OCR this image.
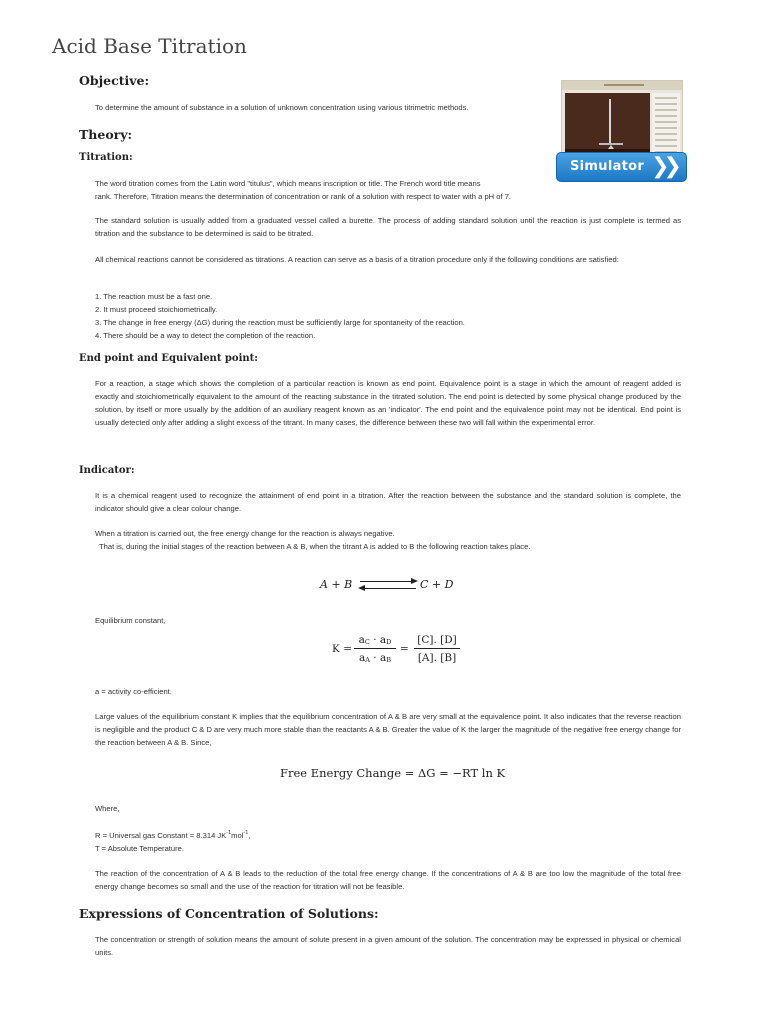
Acid Base Titration
Objective:

To determine the amount of substance in a solution of unknown concentration using various titrimetric methods.

Simulator ❯❯
Theory:
Titration:

The word titration comes from the Latin word "titulus", which means inscription or title. The French word title means

rank. Therefore, Titration means the determination of concentration or rank of a solution with respect to water with a pH of 7.

The standard solution is usually added from a graduated vessel called a burette. The process of adding standard solution until the reaction is just complete is termed as titration and the substance to be determined is said to be titrated.

All chemical reactions cannot be considered as titrations. A reaction can serve as a basis of a titration procedure only if the following conditions are satisfied:

1. The reaction must be a fast one.

2. It must proceed stoichiometrically.

3. The change in free energy (ΔG) during the reaction must be sufficiently large for spontaneity of the reaction.

4. There should be a way to detect the completion of the reaction.

End point and Equivalent point:

For a reaction, a stage which shows the completion of a particular reaction is known as end point. Equivalence point is a stage in which the amount of reagent added is exactly and stoichiometrically equivalent to the amount of the reacting substance in the titrated solution. The end point is detected by some physical change produced by the solution, by itself or more usually by the addition of an auxiliary reagent known as an 'indicator'. The end point and the equivalence point may not be identical. End point is usually detected only after adding a slight excess of the titrant. In many cases, the difference between these two will fall within the experimental error.

Indicator:

It is a chemical reagent used to recognize the attainment of end point in a titration. After the reaction between the substance and the standard solution is complete, the indicator should give a clear colour change.

When a titration is carried out, the free energy change for the reaction is always negative.

That is, during the initial stages of the reaction between A & B, when the titrant A is added to B the following reaction takes place.

A + B	C + D

Equilibrium constant,

K =
$a_C \cdot a_D$
$a_A \cdot a_B$
=
[C]. [D]
[A]. [B]

a = activity co-efficient.

Large values of the equilibrium constant K implies that the equilibrium concentration of A & B are very small at the equivalence point. It also indicates that the reverse reaction is negligible and the product C & D are very much more stable than the reactants A & B. Greater the value of K the larger the magnitude of the negative free energy change for the reaction between A & B. Since,

Free Energy Change = ΔG = −RT ln K

Where,

R = Universal gas Constant = 8.314 $JK^{-1}mol^{-1}$,

T = Absolute Temperature.

The reaction of the concentration of A & B leads to the reduction of the total free energy change. If the concentrations of A & B are too low the magnitude of the total free energy change becomes so small and the use of the reaction for titration will not be feasible.

Expressions of Concentration of Solutions:

The concentration or strength of solution means the amount of solute present in a given amount of the solution. The concentration may be expressed in physical or chemical units.
